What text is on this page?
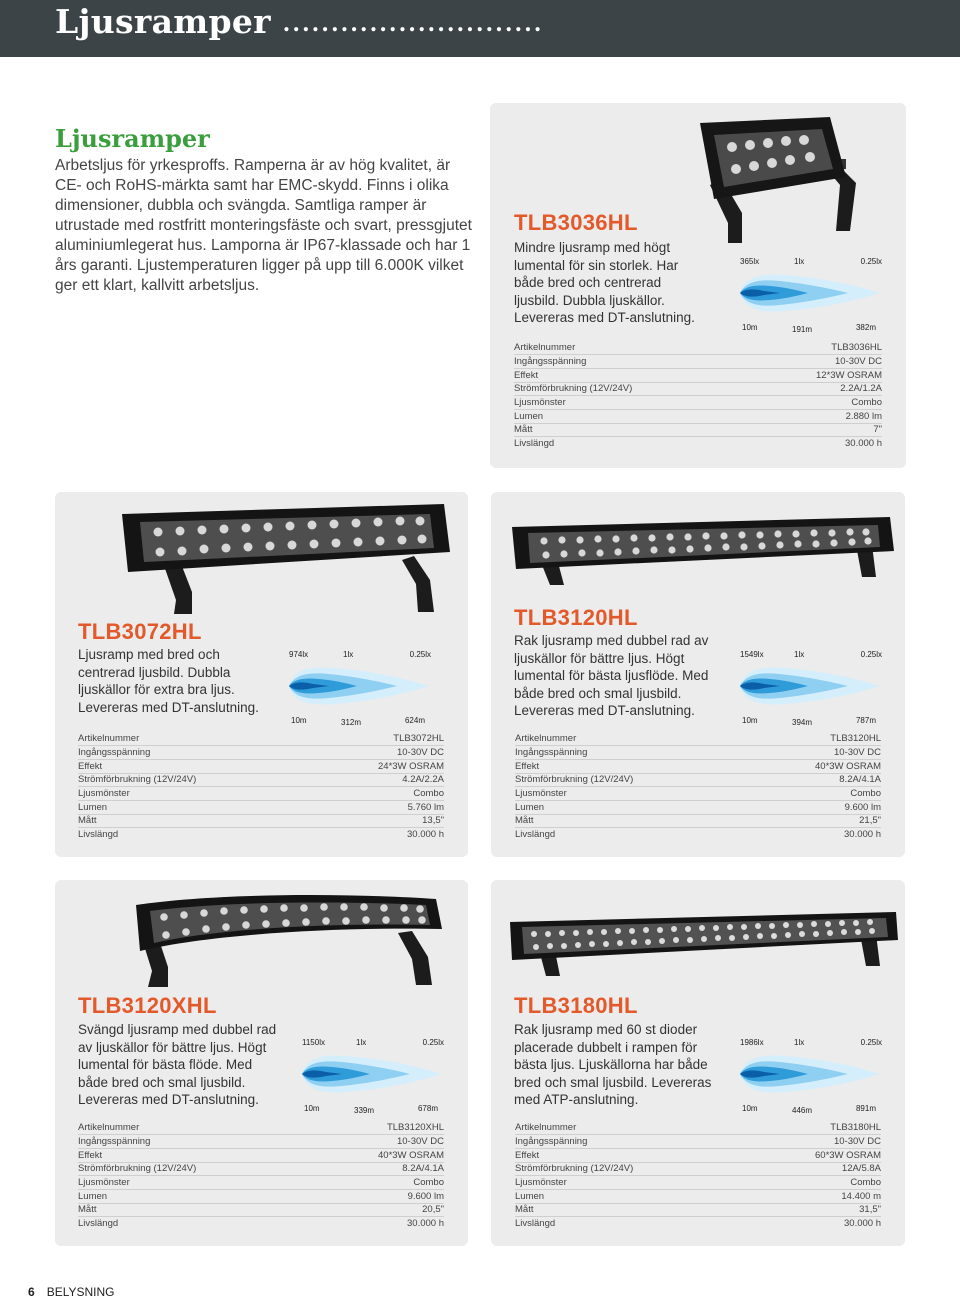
Ljusramper ...........................
Ljusramper
Arbetsljus för yrkesproffs. Ramperna är av hög kvalitet, är CE- och RoHS-märkta samt har EMC-skydd. Finns i olika dimensioner, dubbla och svängda. Samtliga ramper är utrustade med rostfritt monteringsfäste och svart, pressgjutet aluminiumlegerat hus. Lamporna är IP67-klassade och har 1 års garanti. Ljustemperaturen ligger på upp till 6.000K vilket ger ett klart, kallvitt arbetsljus.
TLB3036HL
Mindre ljusramp med högt lumental för sin storlek. Har både bred och centrerad ljusbild. Dubbla ljuskällor. Levereras med DT-anslutning.
365lx	1lx	0.25lx
10m	191m	382m
Artikelnummer	TLB3036HL
Ingångsspänning	10-30V DC
Effekt	12*3W OSRAM
Strömförbrukning (12V/24V)	2.2A/1.2A
Ljusmönster	Combo
Lumen	2.880 lm
Mått	7"
Livslängd	30.000 h
TLB3072HL
Ljusramp med bred och centrerad ljusbild. Dubbla ljuskällor för extra bra ljus. Levereras med DT-anslutning.
974lx	1lx	0.25lx
10m	312m	624m
Artikelnummer	TLB3072HL
Ingångsspänning	10-30V DC
Effekt	24*3W OSRAM
Strömförbrukning (12V/24V)	4.2A/2.2A
Ljusmönster	Combo
Lumen	5.760 lm
Mått	13,5"
Livslängd	30.000 h
TLB3120HL
Rak ljusramp med dubbel rad av ljuskällor för bättre ljus. Högt lumental för bästa ljusflöde. Med både bred och smal ljusbild. Levereras med DT-anslutning.
1549lx	1lx	0.25lx
10m	394m	787m
Artikelnummer	TLB3120HL
Ingångsspänning	10-30V DC
Effekt	40*3W OSRAM
Strömförbrukning (12V/24V)	8.2A/4.1A
Ljusmönster	Combo
Lumen	9.600 lm
Mått	21,5"
Livslängd	30.000 h
TLB3120XHL
Svängd ljusramp med dubbel rad av ljuskällor för bättre ljus. Högt lumental för bästa flöde. Med både bred och smal ljusbild. Levereras med DT-anslutning.
1150lx	1lx	0.25lx
10m	339m	678m
Artikelnummer	TLB3120XHL
Ingångsspänning	10-30V DC
Effekt	40*3W OSRAM
Strömförbrukning (12V/24V)	8.2A/4.1A
Ljusmönster	Combo
Lumen	9.600 lm
Mått	20,5"
Livslängd	30.000 h
TLB3180HL
Rak ljusramp med 60 st dioder placerade dubbelt i rampen för bästa ljus. Ljuskällorna har både bred och smal ljusbild. Levereras med ATP-anslutning.
1986lx	1lx	0.25lx
10m	446m	891m
Artikelnummer	TLB3180HL
Ingångsspänning	10-30V DC
Effekt	60*3W OSRAM
Strömförbrukning (12V/24V)	12A/5.8A
Ljusmönster	Combo
Lumen	14.400 m
Mått	31,5"
Livslängd	30.000 h
6 BELYSNING
